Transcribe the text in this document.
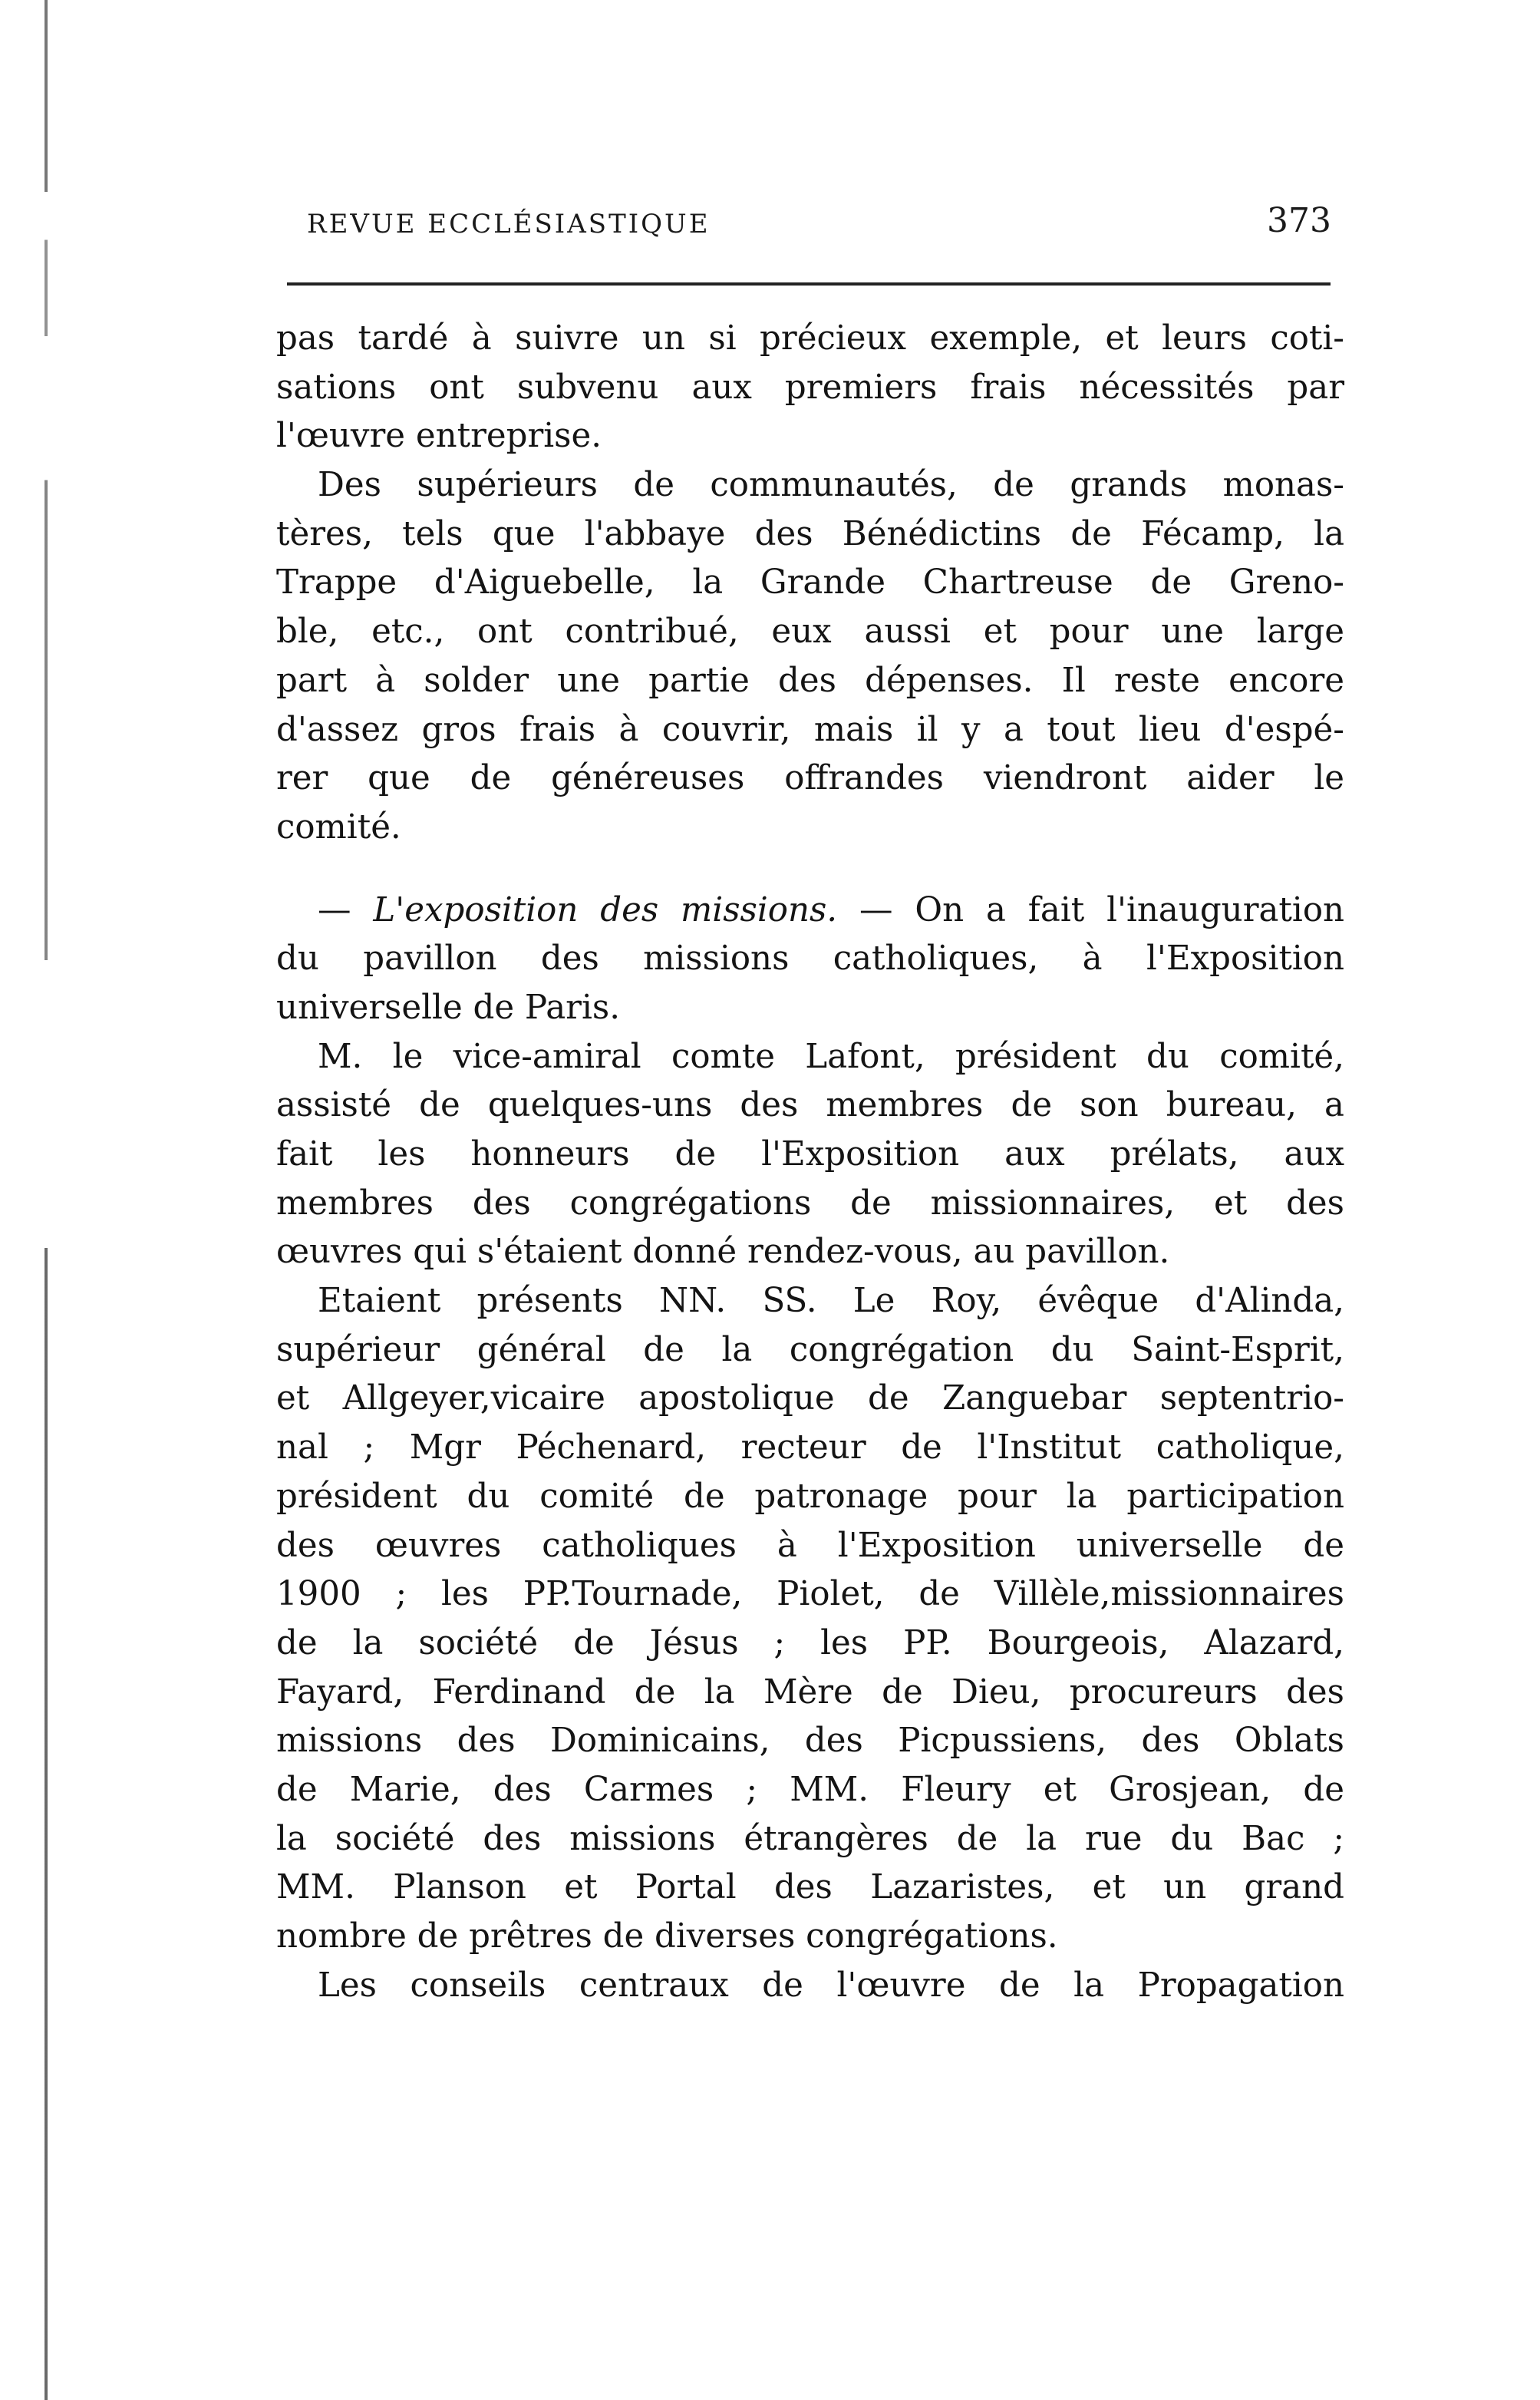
REVUE ECCLÉSIASTIQUE	373
pas tardé à suivre un si précieux exemple, et leurs coti-
sations ont subvenu aux premiers frais nécessités par
l'œuvre entreprise.
Des supérieurs de communautés, de grands monas-
tères, tels que l'abbaye des Bénédictins de Fécamp, la
Trappe d'Aiguebelle, la Grande Chartreuse de Greno-
ble, etc., ont contribué, eux aussi et pour une large
part à solder une partie des dépenses. Il reste encore
d'assez gros frais à couvrir, mais il y a tout lieu d'espé-
rer que de généreuses offrandes viendront aider le
comité.
— L'exposition des missions. — On a fait l'inauguration
du pavillon des missions catholiques, à l'Exposition
universelle de Paris.
M. le vice-amiral comte Lafont, président du comité,
assisté de quelques-uns des membres de son bureau, a
fait les honneurs de l'Exposition aux prélats, aux
membres des congrégations de missionnaires, et des
œuvres qui s'étaient donné rendez-vous, au pavillon.
Etaient présents NN. SS. Le Roy, évêque d'Alinda,
supérieur général de la congrégation du Saint-Esprit,
et Allgeyer,vicaire apostolique de Zanguebar septentrio-
nal ; Mgr Péchenard, recteur de l'Institut catholique,
président du comité de patronage pour la participation
des œuvres catholiques à l'Exposition universelle de
1900 ; les PP.Tournade, Piolet, de Villèle,missionnaires
de la société de Jésus ; les PP. Bourgeois, Alazard,
Fayard, Ferdinand de la Mère de Dieu, procureurs des
missions des Dominicains, des Picpussiens, des Oblats
de Marie, des Carmes ; MM. Fleury et Grosjean, de
la société des missions étrangères de la rue du Bac ;
MM. Planson et Portal des Lazaristes, et un grand
nombre de prêtres de diverses congrégations.
Les conseils centraux de l'œuvre de la Propagation
